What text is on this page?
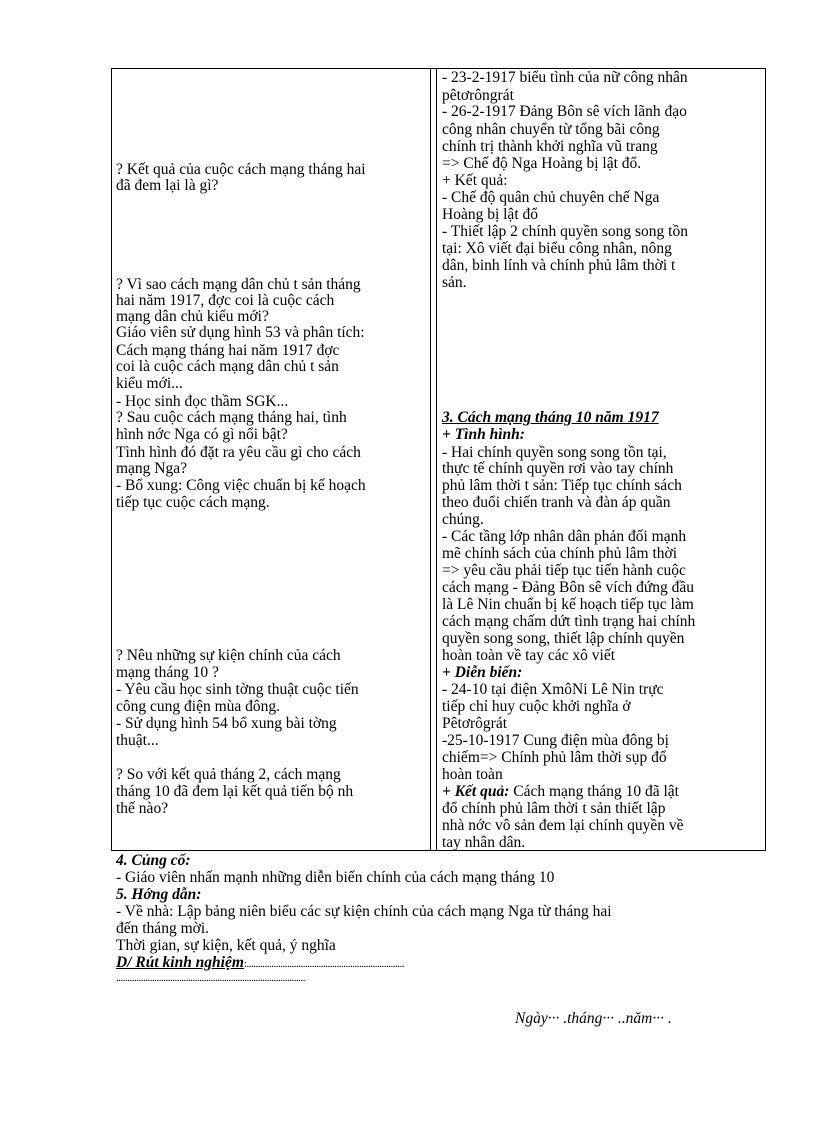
? Kết quả của cuộc cách mạng tháng hai
đã đem lại là gì?
? Vì sao cách mạng dân chủ t sản tháng
hai năm 1917, đợc coi là cuộc cách
mạng dân chủ kiểu mới?
Giáo viên sử dụng hình 53 và phân tích:
Cách mạng tháng hai năm 1917 đợc
coi là cuộc cách mạng dân chủ t sản
kiểu mới...
- Học sinh đọc thầm SGK...
? Sau cuộc cách mạng tháng hai, tình
hình nớc Nga có gì nổi bật?
Tình hình đó đặt ra yêu cầu gì cho cách
mạng Nga?
- Bổ xung: Công việc chuẩn bị kế hoạch
tiếp tục cuộc cách mạng.
? Nêu những sự kiện chính của cách
mạng tháng 10 ?
- Yêu cầu học sinh tờng thuật cuộc tiến
công cung điện mùa đông.
- Sử dụng hình 54 bổ xung bài tờng
thuật...
? So với kết quả tháng 2, cách mạng
tháng 10 đã đem lại kết quả tiến bộ nh
thế nào?
- 23-2-1917 biểu tình của nữ công nhân
pêtơrôngrát
- 26-2-1917 Đảng Bôn sê vích lãnh đạo
công nhân chuyển từ tổng bãi công
chính trị thành khởi nghĩa vũ trang
=> Chế độ Nga Hoàng bị lật đổ.
+ Kết quả:
- Chế độ quân chủ chuyên chế Nga
Hoàng bị lật đổ
- Thiết lập 2 chính quyền song song tồn
tại: Xô viết đại biểu công nhân, nông
dân, binh lính và chính phủ lâm thời t
sản.
3. Cách mạng tháng 10 năm 1917
+ Tình hình:
- Hai chính quyền song song tồn tại,
thực tế chính quyền rơi vào tay chính
phủ lâm thời t sản: Tiếp tục chính sách
theo đuổi chiến tranh và đàn áp quần
chúng.
- Các tầng lớp nhân dân phản đối mạnh
mẽ chính sách của chính phủ lâm thời
=> yêu cầu phải tiếp tục tiến hành cuộc
cách mạng - Đảng Bôn sê vích đứng đầu
là Lê Nin chuẩn bị kế hoạch tiếp tục làm
cách mạng chấm dứt tình trạng hai chính
quyền song song, thiết lập chính quyền
hoàn toàn về tay các xô viết
+ Diễn biến:
- 24-10 tại điện XmôNi Lê Nin trực
tiếp chỉ huy cuộc khởi nghĩa ở
Pêtơrôgrát
-25-10-1917 Cung điện mùa đông bị
chiếm=> Chính phủ lâm thời sụp đổ
hoàn toàn
+ Kết quả: Cách mạng tháng 10 đã lật
đổ chính phủ lâm thời t sản thiết lập
nhà nớc vô sản đem lại chính quyền về
tay nhân dân.
4. Củng cố:
- Giáo viên nhấn mạnh những diễn biến chính của cách mạng tháng 10
5. Hớng dẫn:
- Về nhà: Lập bảng niên biểu các sự kiện chính của cách mạng Nga từ tháng hai
đến tháng mời.
Thời gian, sự kiện, kết quả, ý nghĩa
D/ Rút kinh nghiệm:......................................................................
....................................................................................
Ngày··· .tháng··· ..năm··· .
